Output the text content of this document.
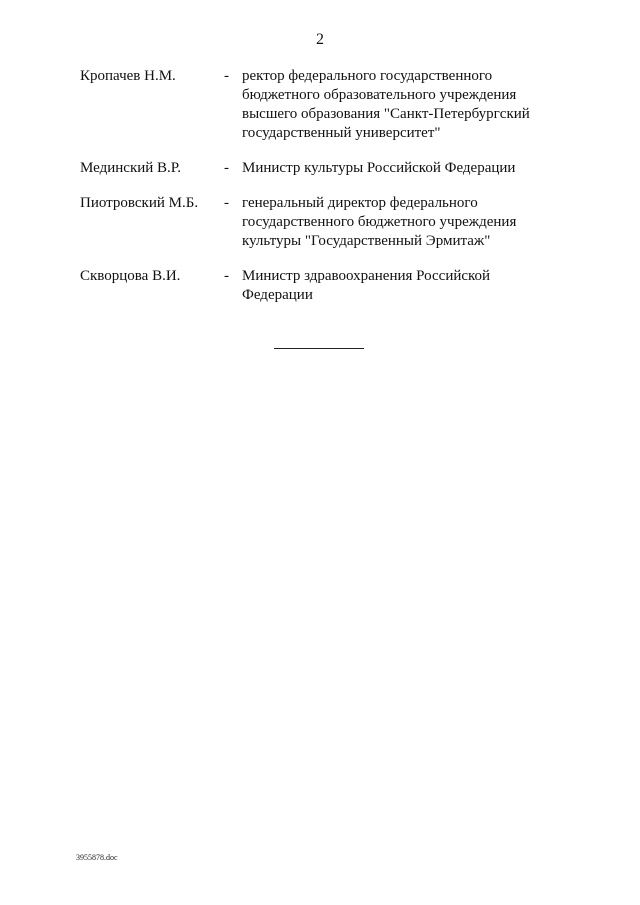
2
Кропачев Н.М.	- ректор федерального государственного
бюджетного образовательного учреждения
высшего образования "Санкт-Петербургский
государственный университет"
Мединский В.Р.	- Министр культуры Российской Федерации
Пиотровский М.Б.	- генеральный директор федерального
государственного бюджетного учреждения
культуры "Государственный Эрмитаж"
Скворцова В.И.	- Министр здравоохранения Российской
Федерации
3955878.doc
